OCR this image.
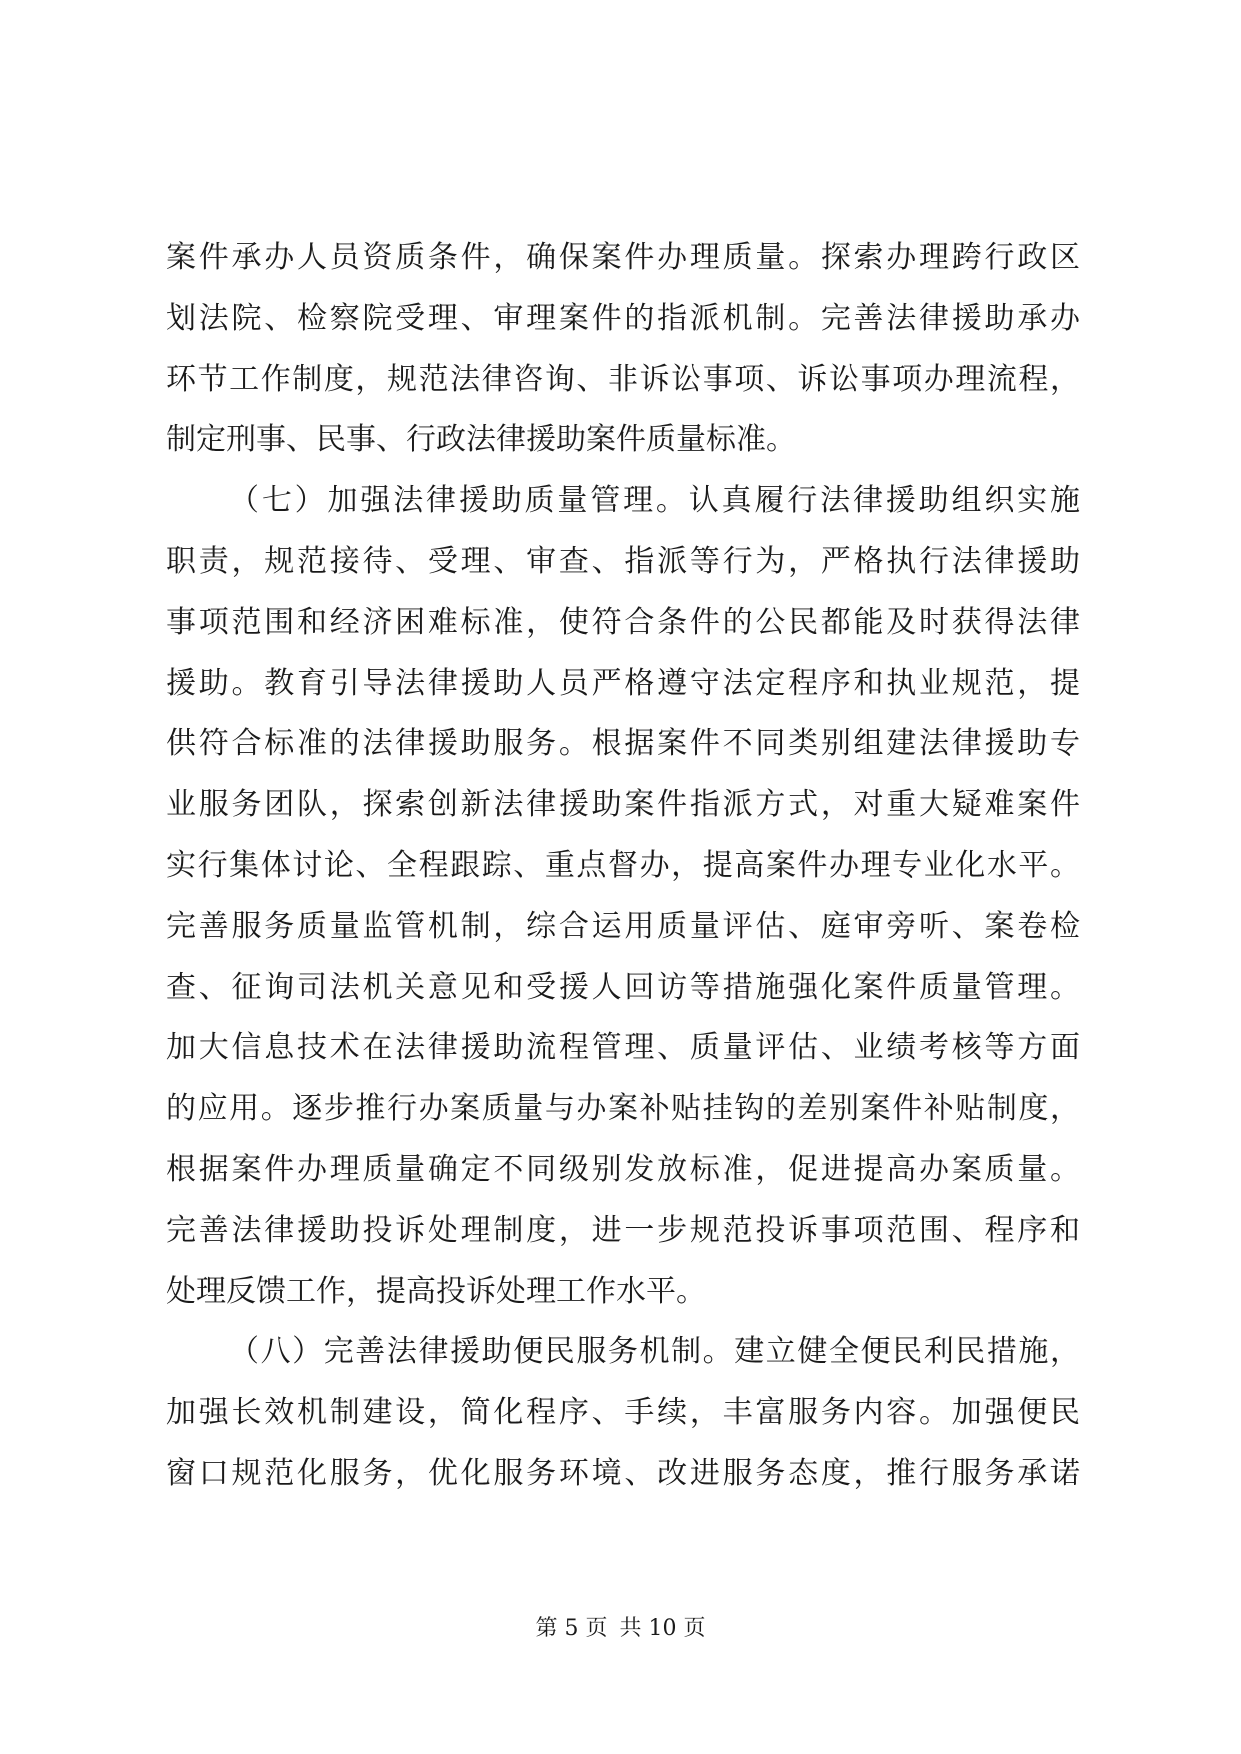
案件承办人员资质条件，确保案件办理质量。探索办理跨行政区
划法院、检察院受理、审理案件的指派机制。完善法律援助承办
环节工作制度，规范法律咨询、非诉讼事项、诉讼事项办理流程，
制定刑事、民事、行政法律援助案件质量标准。
（七）加强法律援助质量管理。认真履行法律援助组织实施
职责，规范接待、受理、审查、指派等行为，严格执行法律援助
事项范围和经济困难标准，使符合条件的公民都能及时获得法律
援助。教育引导法律援助人员严格遵守法定程序和执业规范，提
供符合标准的法律援助服务。根据案件不同类别组建法律援助专
业服务团队，探索创新法律援助案件指派方式，对重大疑难案件
实行集体讨论、全程跟踪、重点督办，提高案件办理专业化水平。
完善服务质量监管机制，综合运用质量评估、庭审旁听、案卷检
查、征询司法机关意见和受援人回访等措施强化案件质量管理。
加大信息技术在法律援助流程管理、质量评估、业绩考核等方面
的应用。逐步推行办案质量与办案补贴挂钩的差别案件补贴制度，
根据案件办理质量确定不同级别发放标准，促进提高办案质量。
完善法律援助投诉处理制度，进一步规范投诉事项范围、程序和
处理反馈工作，提高投诉处理工作水平。
（八）完善法律援助便民服务机制。建立健全便民利民措施，
加强长效机制建设，简化程序、手续，丰富服务内容。加强便民
窗口规范化服务，优化服务环境、改进服务态度，推行服务承诺
第 5 页 共 10 页
